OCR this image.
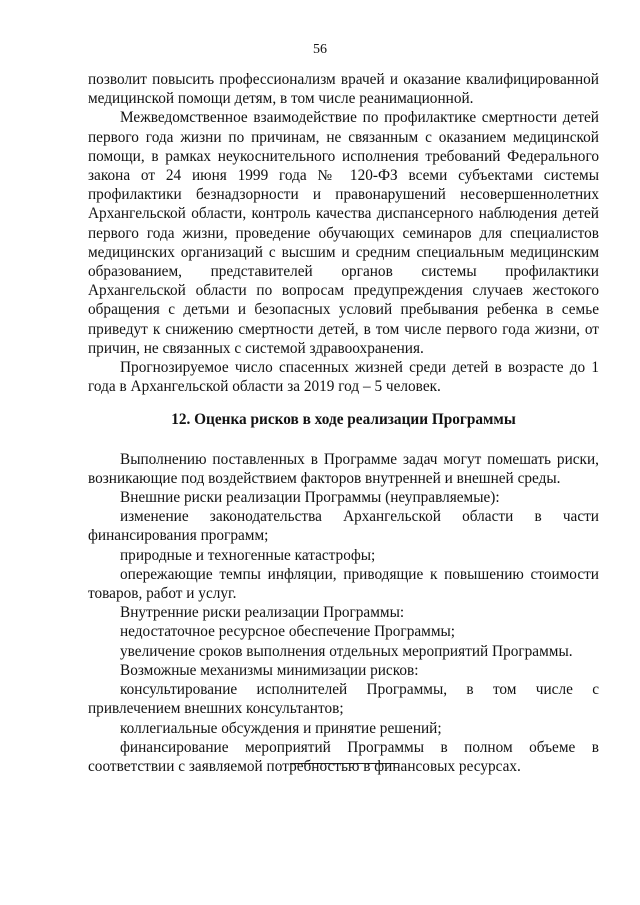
56

позволит повысить профессионализм врачей и оказание квалифицированной медицинской помощи детям, в том числе реанимационной.

Межведомственное взаимодействие по профилактике смертности детей первого года жизни по причинам, не связанным с оказанием медицинской помощи, в рамках неукоснительного исполнения требований Федерального закона от 24 июня 1999 года № 120-ФЗ всеми субъектами системы профилактики безнадзорности и правонарушений несовершеннолетних Архангельской области, контроль качества диспансерного наблюдения детей первого года жизни, проведение обучающих семинаров для специалистов медицинских организаций с высшим и средним специальным медицинским образованием, представителей органов системы профилактики Архангельской области по вопросам предупреждения случаев жестокого обращения с детьми и безопасных условий пребывания ребенка в семье приведут к снижению смертности детей, в том числе первого года жизни, от причин, не связанных с системой здравоохранения.

Прогнозируемое число спасенных жизней среди детей в возрасте до 1 года в Архангельской области за 2019 год – 5 человек.

12. Оценка рисков в ходе реализации Программы

Выполнению поставленных в Программе задач могут помешать риски, возникающие под воздействием факторов внутренней и внешней среды.

Внешние риски реализации Программы (неуправляемые):

изменение законодательства Архангельской области в части финансирования программ;

природные и техногенные катастрофы;

опережающие темпы инфляции, приводящие к повышению стоимости товаров, работ и услуг.

Внутренние риски реализации Программы:

недостаточное ресурсное обеспечение Программы;

увеличение сроков выполнения отдельных мероприятий Программы.

Возможные механизмы минимизации рисков:

консультирование исполнителей Программы, в том числе с привлечением внешних консультантов;

коллегиальные обсуждения и принятие решений;

финансирование мероприятий Программы в полном объеме в соответствии с заявляемой потребностью в финансовых ресурсах.
